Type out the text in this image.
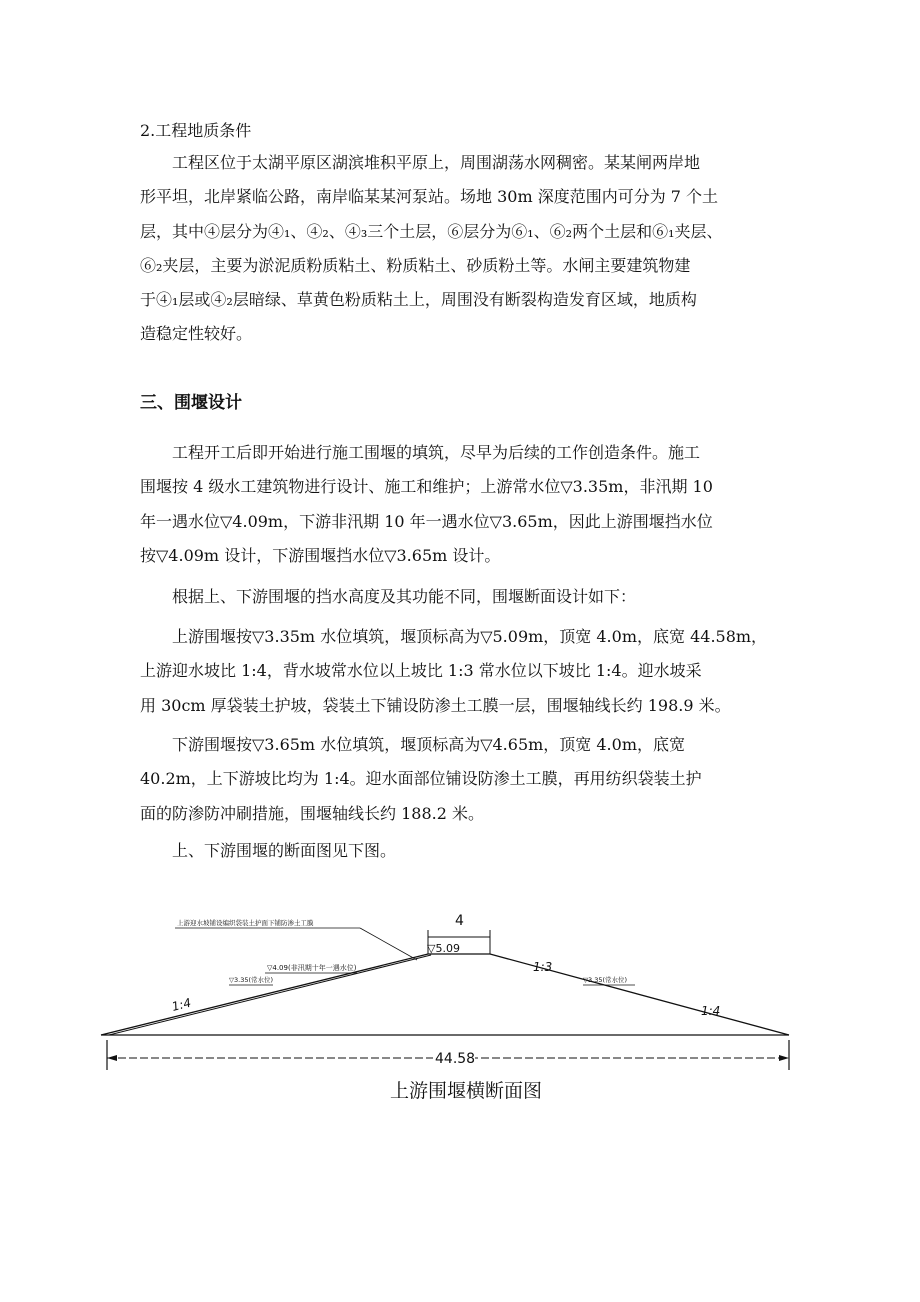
2.工程地质条件
工程区位于太湖平原区湖滨堆积平原上，周围湖荡水网稠密。某某闸两岸地
形平坦，北岸紧临公路，南岸临某某河泵站。场地 30m 深度范围内可分为 7 个土
层，其中④层分为④₁、④₂、④₃三个土层，⑥层分为⑥₁、⑥₂两个土层和⑥₁夹层、
⑥₂夹层，主要为淤泥质粉质粘土、粉质粘土、砂质粉土等。水闸主要建筑物建
于④₁层或④₂层暗绿、草黄色粉质粘土上，周围没有断裂构造发育区域，地质构
造稳定性较好。
三、围堰设计
工程开工后即开始进行施工围堰的填筑，尽早为后续的工作创造条件。施工
围堰按 4 级水工建筑物进行设计、施工和维护；上游常水位▽3.35m，非汛期 10
年一遇水位▽4.09m，下游非汛期 10 年一遇水位▽3.65m，因此上游围堰挡水位
按▽4.09m 设计，下游围堰挡水位▽3.65m 设计。
根据上、下游围堰的挡水高度及其功能不同，围堰断面设计如下：
上游围堰按▽3.35m 水位填筑，堰顶标高为▽5.09m，顶宽 4.0m，底宽 44.58m，
上游迎水坡比 1:4，背水坡常水位以上坡比 1:3 常水位以下坡比 1:4。迎水坡采
用 30cm 厚袋装土护坡，袋装土下铺设防渗土工膜一层，围堰轴线长约 198.9 米。
下游围堰按▽3.65m 水位填筑，堰顶标高为▽4.65m，顶宽 4.0m，底宽
40.2m，上下游坡比均为 1:4。迎水面部位铺设防渗土工膜，再用纺织袋装土护
面的防渗防冲刷措施，围堰轴线长约 188.2 米。
上、下游围堰的断面图见下图。
上游迎水坡铺设编织袋装土护面下铺防渗土工膜	4
▽5.09
▽4.09(非汛期十年一遇水位)
▽3.35(常水位)	▽3.35(常水位)
1:4
1:3
1:4
44.58
上游围堰横断面图
